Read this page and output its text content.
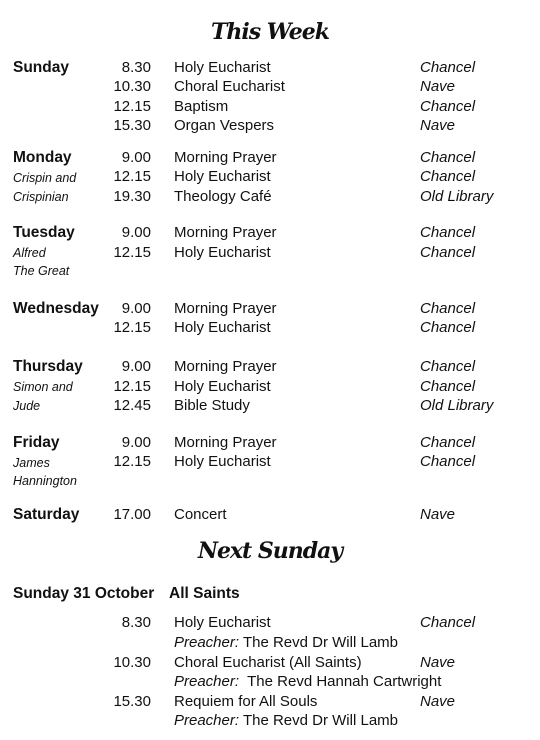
This Week
Sunday	8.30 Holy Eucharist	Chancel
10.30 Choral Eucharist	Nave
12.15 Baptism	Chancel
15.30 Organ Vespers	Nave
Monday
Crispin and
Crispinian
9.00 Morning Prayer	Chancel
12.15 Holy Eucharist	Chancel
19.30 Theology Café	Old Library
Tuesday
Alfred
The Great
9.00 Morning Prayer	Chancel
12.15 Holy Eucharist	Chancel
Wednesday 9.00 Morning Prayer	Chancel
12.15 Holy Eucharist	Chancel
Thursday
Simon and
Jude
9.00 Morning Prayer	Chancel
12.15 Holy Eucharist	Chancel
12.45 Bible Study	Old Library
Friday
James
Hannington
9.00 Morning Prayer	Chancel
12.15 Holy Eucharist	Chancel
Saturday 17.00 Concert	Nave
Next Sunday
Sunday 31 October All Saints
8.30 Holy Eucharist	Chancel
Preacher: The Revd Dr Will Lamb
10.30 Choral Eucharist (All Saints)	Nave
Preacher: The Revd Hannah Cartwright
15.30 Requiem for All Souls	Nave
Preacher: The Revd Dr Will Lamb
